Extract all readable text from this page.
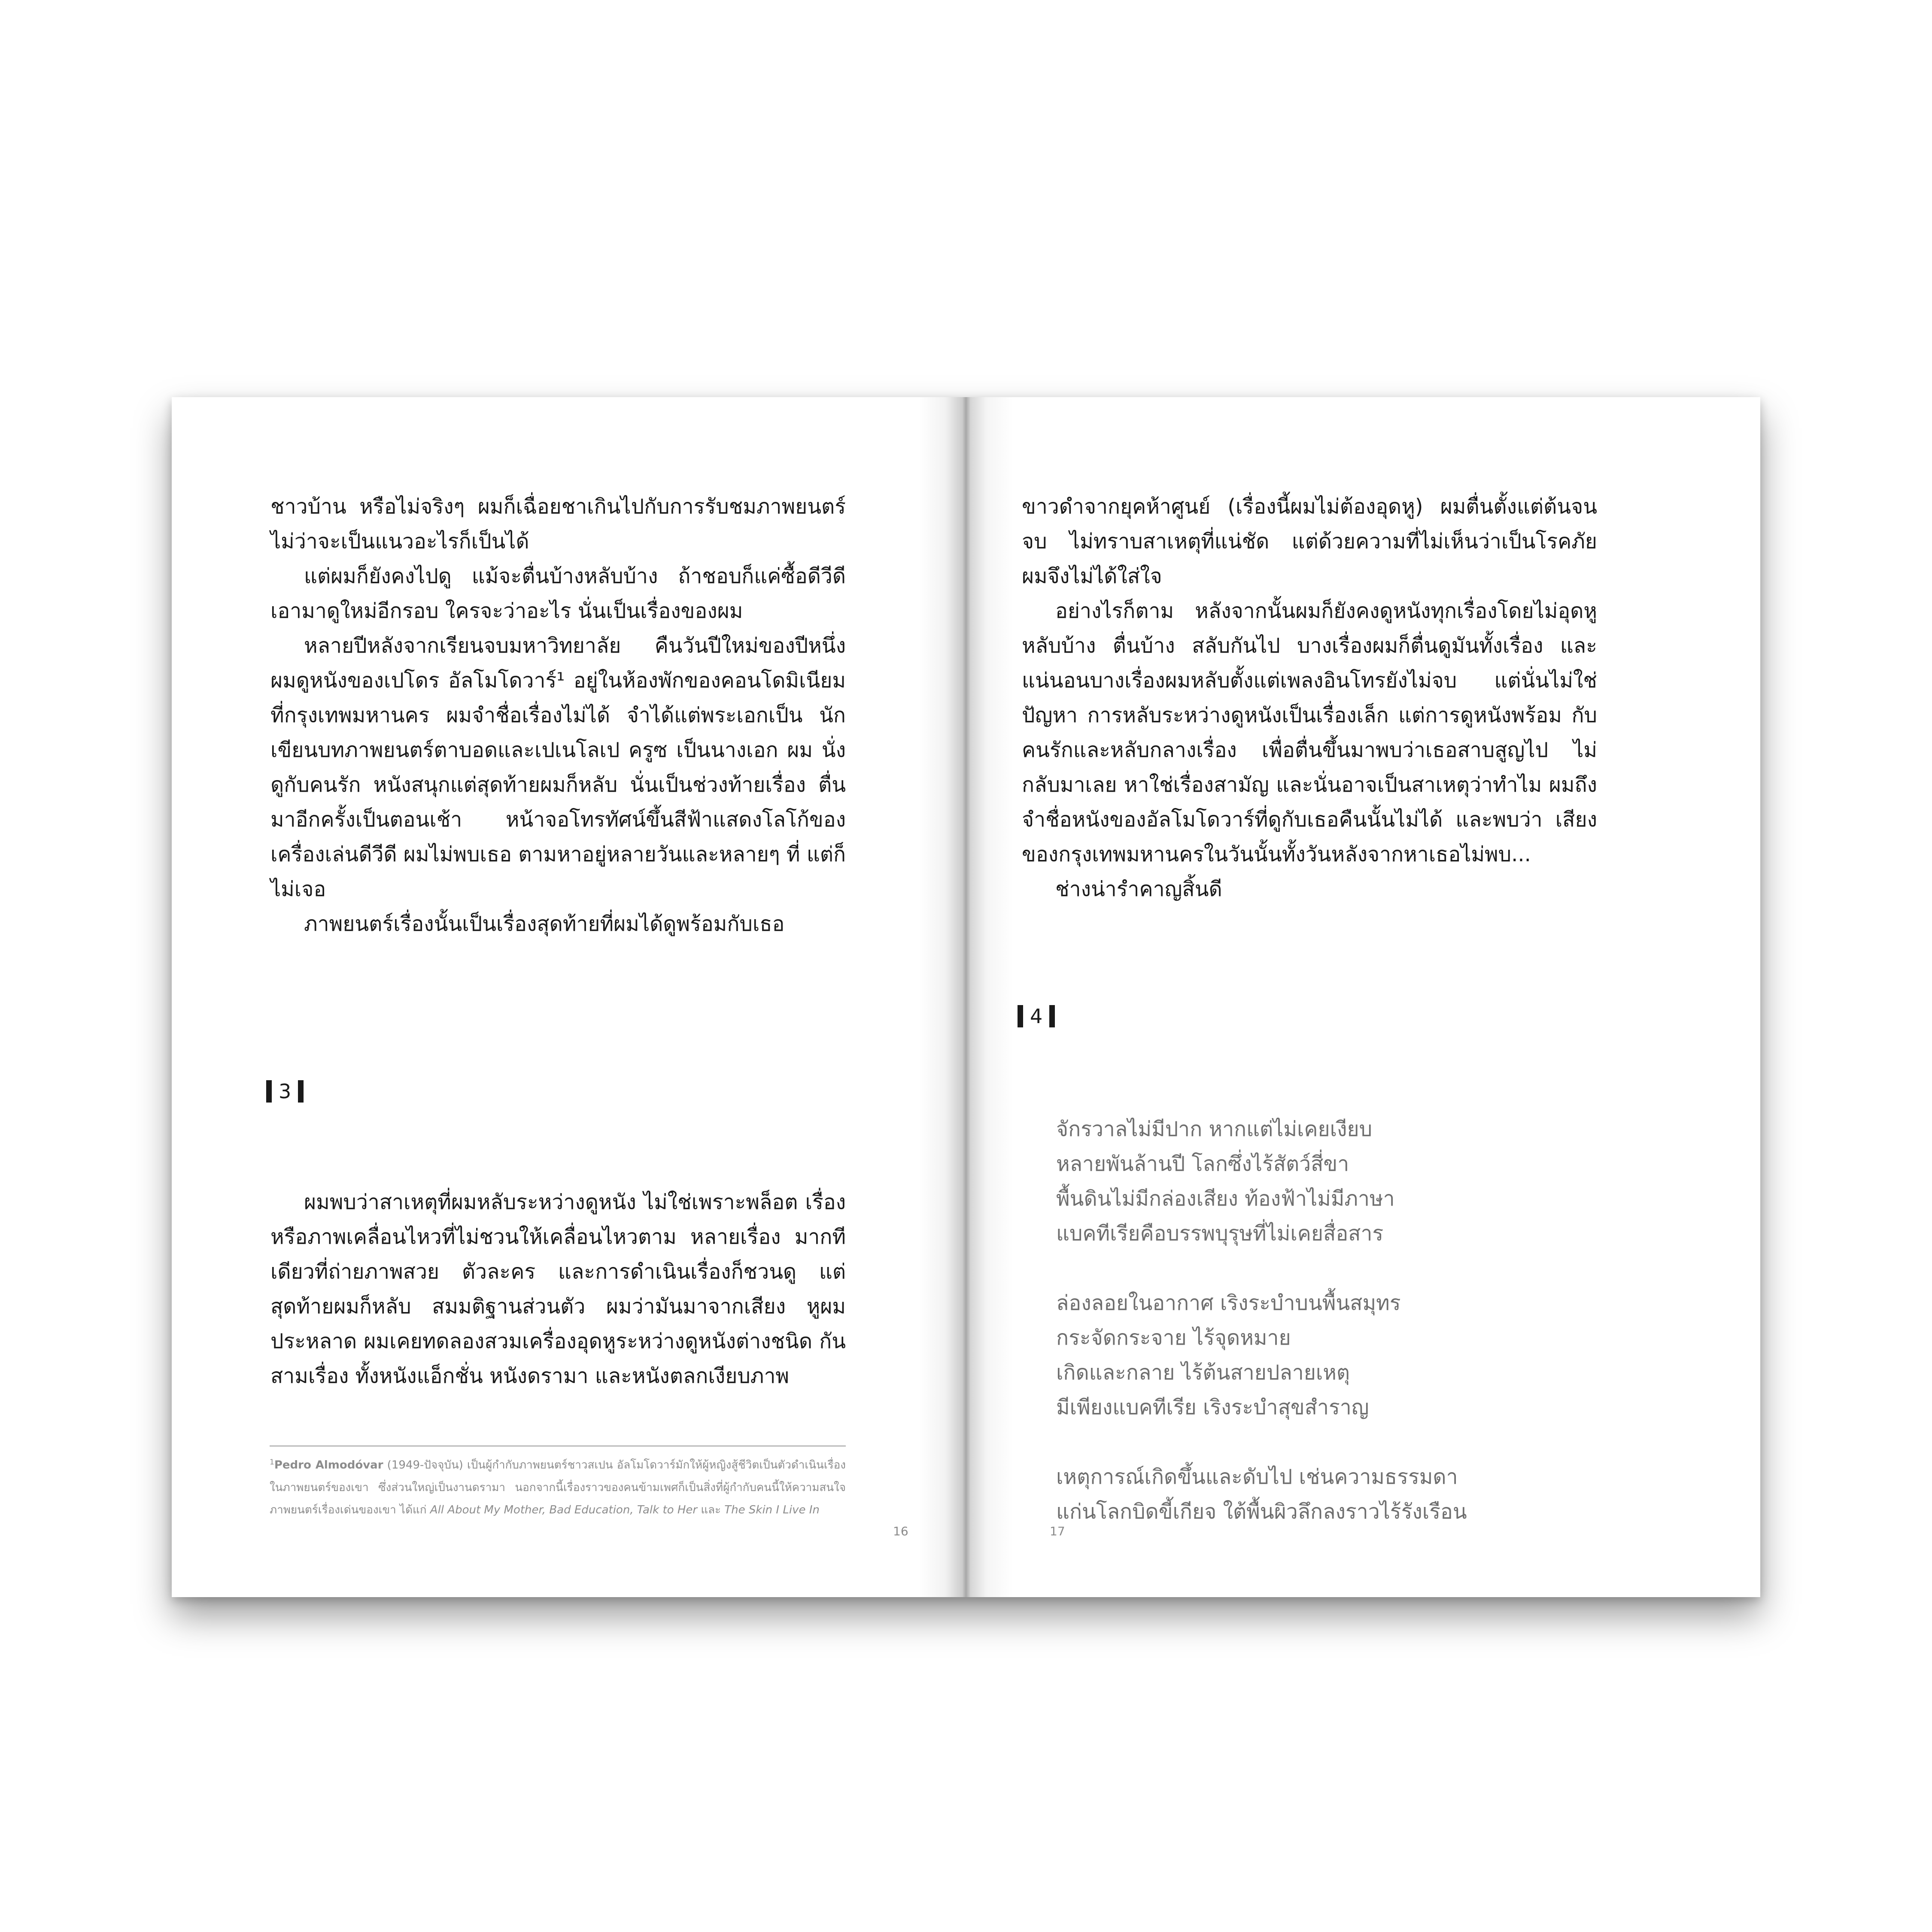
ชาวบ้าน หรือไม่จริงๆ ผมก็เฉื่อยชาเกินไปกับการรับชมภาพยนตร์ ไม่ว่าจะเป็นแนวอะไรก็เป็นได้

แต่ผมก็ยังคงไปดู แม้จะตื่นบ้างหลับบ้าง ถ้าชอบก็แค่ซื้อดีวีดี เอามาดูใหม่อีกรอบ ใครจะว่าอะไร นั่นเป็นเรื่องของผม

หลายปีหลังจากเรียนจบมหาวิทยาลัย คืนวันปีใหม่ของปีหนึ่ง ผมดูหนังของเปโดร อัลโมโดวาร์¹ อยู่ในห้องพักของคอนโดมิเนียม ที่กรุงเทพมหานคร ผมจำชื่อเรื่องไม่ได้ จำได้แต่พระเอกเป็น นักเขียนบทภาพยนตร์ตาบอดและเปเนโลเป ครูซ เป็นนางเอก ผม นั่งดูกับคนรัก หนังสนุกแต่สุดท้ายผมก็หลับ นั่นเป็นช่วงท้ายเรื่อง ตื่นมาอีกครั้งเป็นตอนเช้า หน้าจอโทรทัศน์ขึ้นสีฟ้าแสดงโลโก้ของ เครื่องเล่นดีวีดี ผมไม่พบเธอ ตามหาอยู่หลายวันและหลายๆ ที่ แต่ก็ไม่เจอ

ภาพยนตร์เรื่องนั้นเป็นเรื่องสุดท้ายที่ผมได้ดูพร้อมกับเธอ

3

ผมพบว่าสาเหตุที่ผมหลับระหว่างดูหนัง ไม่ใช่เพราะพล็อต เรื่อง หรือภาพเคลื่อนไหวที่ไม่ชวนให้เคลื่อนไหวตาม หลายเรื่อง มากทีเดียวที่ถ่ายภาพสวย ตัวละคร และการดำเนินเรื่องก็ชวนดู แต่สุดท้ายผมก็หลับ สมมติฐานส่วนตัว ผมว่ามันมาจากเสียง หูผม ประหลาด ผมเคยทดลองสวมเครื่องอุดหูระหว่างดูหนังต่างชนิด กันสามเรื่อง ทั้งหนังแอ็กชั่น หนังดรามา และหนังตลกเงียบภาพ

$^1$Pedro Almodóvar (1949-ปัจจุบัน) เป็นผู้กำกับภาพยนตร์ชาวสเปน อัลโมโดวาร์มักให้ผู้หญิงสู้ชีวิตเป็นตัวดำเนินเรื่องในภาพยนตร์ของเขา ซึ่งส่วนใหญ่เป็นงานดรามา นอกจากนี้เรื่องราวของคนข้ามเพศก็เป็นสิ่งที่ผู้กำกับคนนี้ให้ความสนใจ ภาพยนตร์เรื่องเด่นของเขา ได้แก่ All About My Mother, Bad Education, Talk to Her และ The Skin I Live In
16

ขาวดำจากยุคห้าศูนย์ (เรื่องนี้ผมไม่ต้องอุดหู) ผมตื่นตั้งแต่ต้นจน จบ ไม่ทราบสาเหตุที่แน่ชัด แต่ด้วยความที่ไม่เห็นว่าเป็นโรคภัย ผมจึงไม่ได้ใส่ใจ

อย่างไรก็ตาม หลังจากนั้นผมก็ยังคงดูหนังทุกเรื่องโดยไม่อุดหู หลับบ้าง ตื่นบ้าง สลับกันไป บางเรื่องผมก็ตื่นดูมันทั้งเรื่อง และ แน่นอนบางเรื่องผมหลับตั้งแต่เพลงอินโทรยังไม่จบ แต่นั่นไม่ใช่ ปัญหา การหลับระหว่างดูหนังเป็นเรื่องเล็ก แต่การดูหนังพร้อม กับคนรักและหลับกลางเรื่อง เพื่อตื่นขึ้นมาพบว่าเธอสาบสูญไป ไม่กลับมาเลย หาใช่เรื่องสามัญ และนั่นอาจเป็นสาเหตุว่าทำไม ผมถึงจำชื่อหนังของอัลโมโดวาร์ที่ดูกับเธอคืนนั้นไม่ได้ และพบว่า เสียงของกรุงเทพมหานครในวันนั้นทั้งวันหลังจากหาเธอไม่พบ...

ช่างน่ารำคาญสิ้นดี

4
จักรวาลไม่มีปาก หากแต่ไม่เคยเงียบ
หลายพันล้านปี โลกซึ่งไร้สัตว์สี่ขา
พื้นดินไม่มีกล่องเสียง ท้องฟ้าไม่มีภาษา
แบคทีเรียคือบรรพบุรุษที่ไม่เคยสื่อสาร
ล่องลอยในอากาศ เริงระบำบนพื้นสมุทร
กระจัดกระจาย ไร้จุดหมาย
เกิดและกลาย ไร้ต้นสายปลายเหตุ
มีเพียงแบคทีเรีย เริงระบำสุขสำราญ
เหตุการณ์เกิดขึ้นและดับไป เช่นความธรรมดา
แก่นโลกบิดขี้เกียจ ใต้พื้นผิวลึกลงราวไร้รังเรือน
17
